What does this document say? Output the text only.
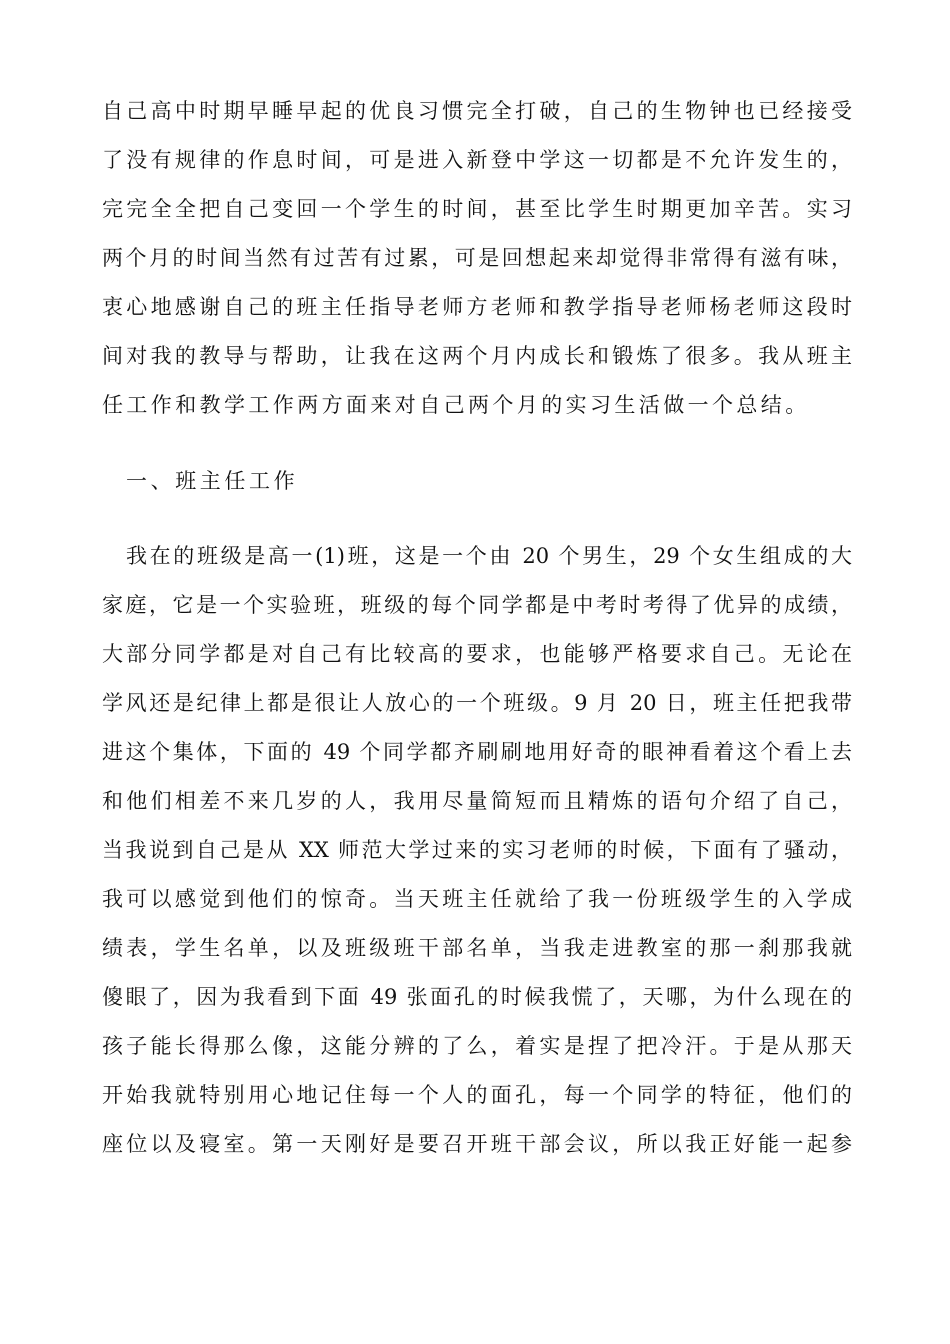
自己高中时期早睡早起的优良习惯完全打破，自己的生物钟也已经接受
了没有规律的作息时间，可是进入新登中学这一切都是不允许发生的，
完完全全把自己变回一个学生的时间，甚至比学生时期更加辛苦。实习
两个月的时间当然有过苦有过累，可是回想起来却觉得非常得有滋有味，
衷心地感谢自己的班主任指导老师方老师和教学指导老师杨老师这段时
间对我的教导与帮助，让我在这两个月内成长和锻炼了很多。我从班主
任工作和教学工作两方面来对自己两个月的实习生活做一个总结。
一、班主任工作
我在的班级是高一(1)班，这是一个由 20 个男生，29 个女生组成的大
家庭，它是一个实验班，班级的每个同学都是中考时考得了优异的成绩，
大部分同学都是对自己有比较高的要求，也能够严格要求自己。无论在
学风还是纪律上都是很让人放心的一个班级。9 月 20 日，班主任把我带
进这个集体，下面的 49 个同学都齐刷刷地用好奇的眼神看着这个看上去
和他们相差不来几岁的人，我用尽量简短而且精炼的语句介绍了自己，
当我说到自己是从 XX 师范大学过来的实习老师的时候，下面有了骚动，
我可以感觉到他们的惊奇。当天班主任就给了我一份班级学生的入学成
绩表，学生名单，以及班级班干部名单，当我走进教室的那一刹那我就
傻眼了，因为我看到下面 49 张面孔的时候我慌了，天哪，为什么现在的
孩子能长得那么像，这能分辨的了么，着实是捏了把冷汗。于是从那天
开始我就特别用心地记住每一个人的面孔，每一个同学的特征，他们的
座位以及寝室。第一天刚好是要召开班干部会议，所以我正好能一起参
